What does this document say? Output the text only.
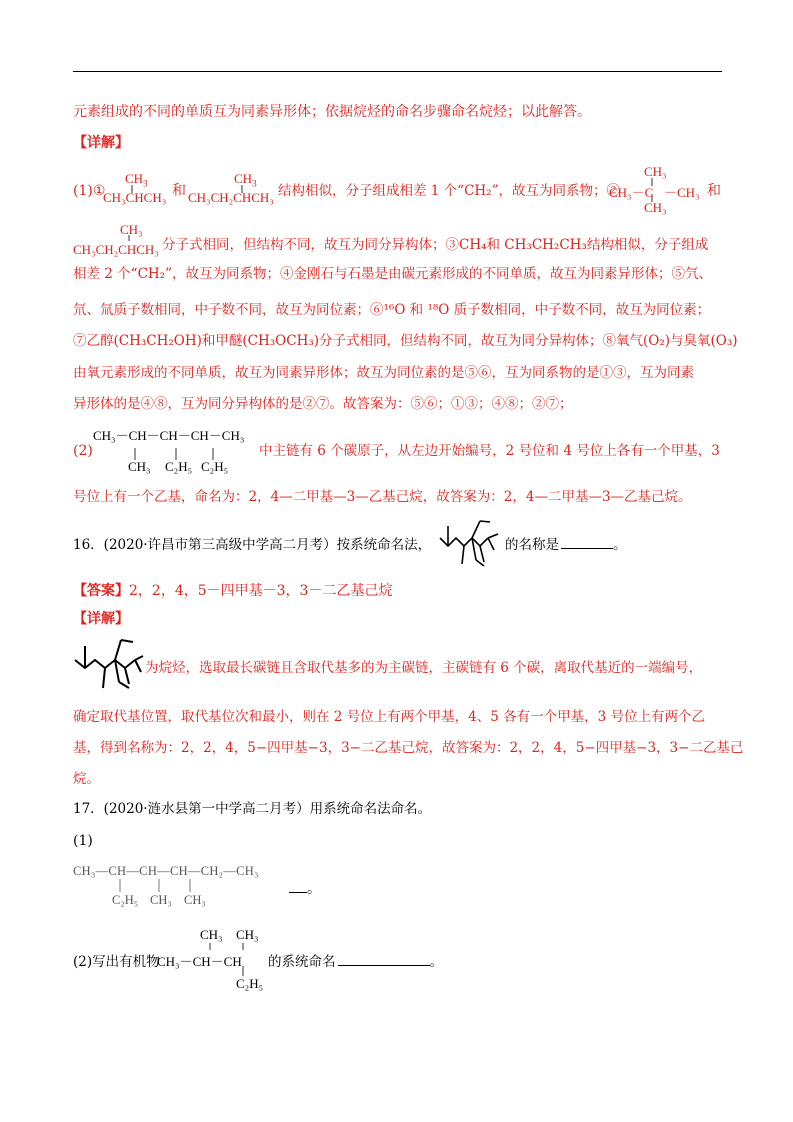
元素组成的不同的单质互为同素异形体；依据烷烃的命名步骤命名烷烃；以此解答。
【详解】
(1)①
$CH_3$
CH₃CHCH₃ 和
$CH_3$
CH₃CH₂CHCH₃ 结构相似，分子组成相差 1 个“CH₂”，故互为同系物；②
CH₃
CH₃－C －CH₃
CH₃
和
CH₃
CH₃CH₂CHCH₃ 分子式相同，但结构不同，故互为同分异构体；③CH₄和 CH₃CH₂CH₃结构相似，分子组成
相差 2 个“CH₂”，故互为同系物；④金刚石与石墨是由碳元素形成的不同单质，故互为同素异形体；⑤氕、
氘、氚质子数相同，中子数不同，故互为同位素；⑥¹⁶O 和 ¹⁸O 质子数相同，中子数不同，故互为同位素；
⑦乙醇(CH₃CH₂OH)和甲醚(CH₃OCH₃)分子式相同，但结构不同，故互为同分异构体；⑧氧气(O₂)与臭氧(O₃)
由氧元素形成的不同单质，故互为同素异形体；故互为同位素的是⑤⑥，互为同系物的是①③，互为同素
异形体的是④⑧，互为同分异构体的是②⑦。故答案为：⑤⑥；①③；④⑧；②⑦；
(2)
CH₃－CH－CH－CH－CH₃
CH₃ C₂H₅ C₂H₅
中主链有 6 个碳原子，从左边开始编号，2 号位和 4 号位上各有一个甲基，3
号位上有一个乙基，命名为：2，4—二甲基—3—乙基己烷，故答案为：2，4—二甲基—3—乙基己烷。
16．(2020·许昌市第三高级中学高二月考）按系统命名法，	的名称是	。
【答案】2，2，4，5－四甲基－3，3－二乙基己烷
【详解】
为烷烃，选取最长碳链且含取代基多的为主碳链，主碳链有 6 个碳，离取代基近的一端编号，
确定取代基位置，取代基位次和最小，则在 2 号位上有两个甲基，4、5 各有一个甲基，3 号位上有两个乙
基，得到名称为：2，2，4，5−四甲基−3，3−二乙基己烷，故答案为：2，2，4，5−四甲基−3，3−二乙基己
烷。
17．(2020·涟水县第一中学高二月考）用系统命名法命名。
(1)
CH₃—CH—CH—CH—CH₂—CH₃
C₂H₅ CH₃ CH₃
。
(2)写出有机物
CH₃ CH₃
CH₃－CH－CH
C₂H₅
的系统命名	。
